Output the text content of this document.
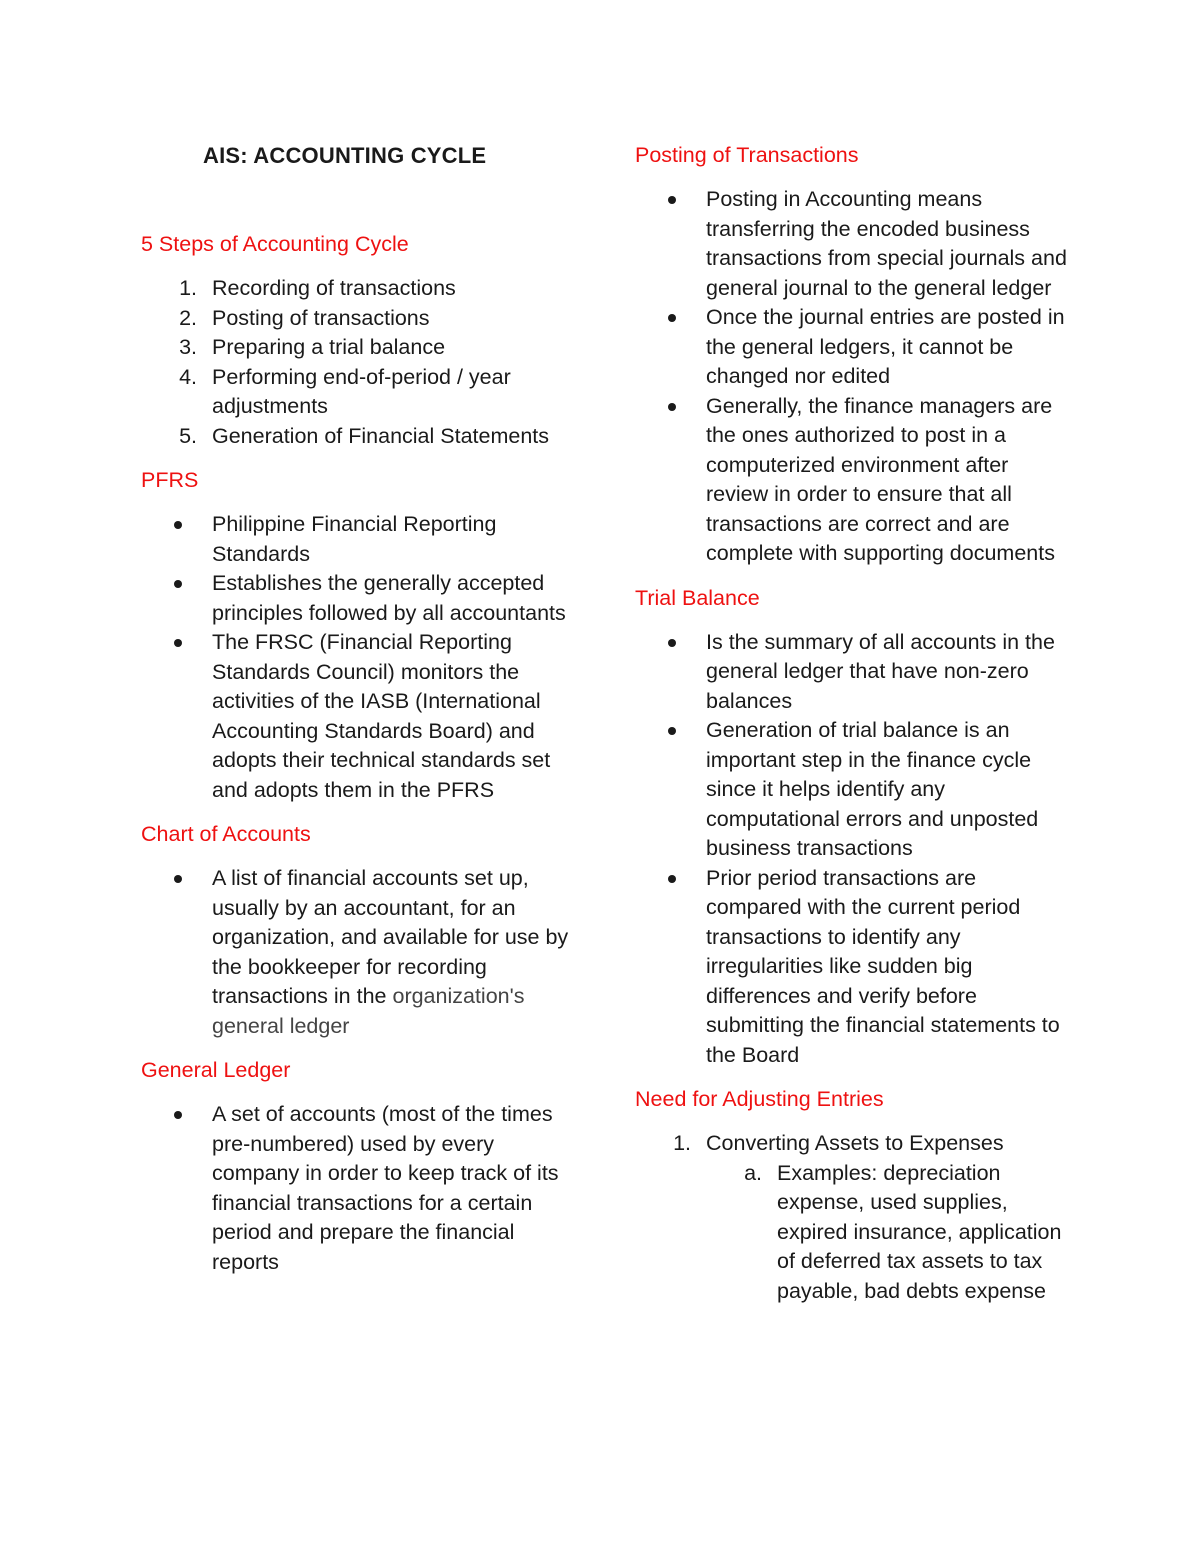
AIS: ACCOUNTING CYCLE
5 Steps of Accounting Cycle
1. Recording of transactions
2. Posting of transactions
3. Preparing a trial balance
4. Performing end-of-period / year adjustments
5. Generation of Financial Statements
PFRS
Philippine Financial Reporting Standards
Establishes the generally accepted principles followed by all accountants
The FRSC (Financial Reporting Standards Council) monitors the activities of the IASB (International Accounting Standards Board) and adopts their technical standards set and adopts them in the PFRS
Chart of Accounts
A list of financial accounts set up, usually by an accountant, for an organization, and available for use by the bookkeeper for recording transactions in the organization's general ledger
General Ledger
A set of accounts (most of the times pre-numbered) used by every company in order to keep track of its financial transactions for a certain period and prepare the financial reports
Posting of Transactions
Posting in Accounting means transferring the encoded business transactions from special journals and general journal to the general ledger
Once the journal entries are posted in the general ledgers, it cannot be changed nor edited
Generally, the finance managers are the ones authorized to post in a computerized environment after review in order to ensure that all transactions are correct and are complete with supporting documents
Trial Balance
Is the summary of all accounts in the general ledger that have non-zero balances
Generation of trial balance is an important step in the finance cycle since it helps identify any computational errors and unposted business transactions
Prior period transactions are compared with the current period transactions to identify any irregularities like sudden big differences and verify before submitting the financial statements to the Board
Need for Adjusting Entries
1. Converting Assets to Expenses
a. Examples: depreciation expense, used supplies, expired insurance, application of deferred tax assets to tax payable, bad debts expense
